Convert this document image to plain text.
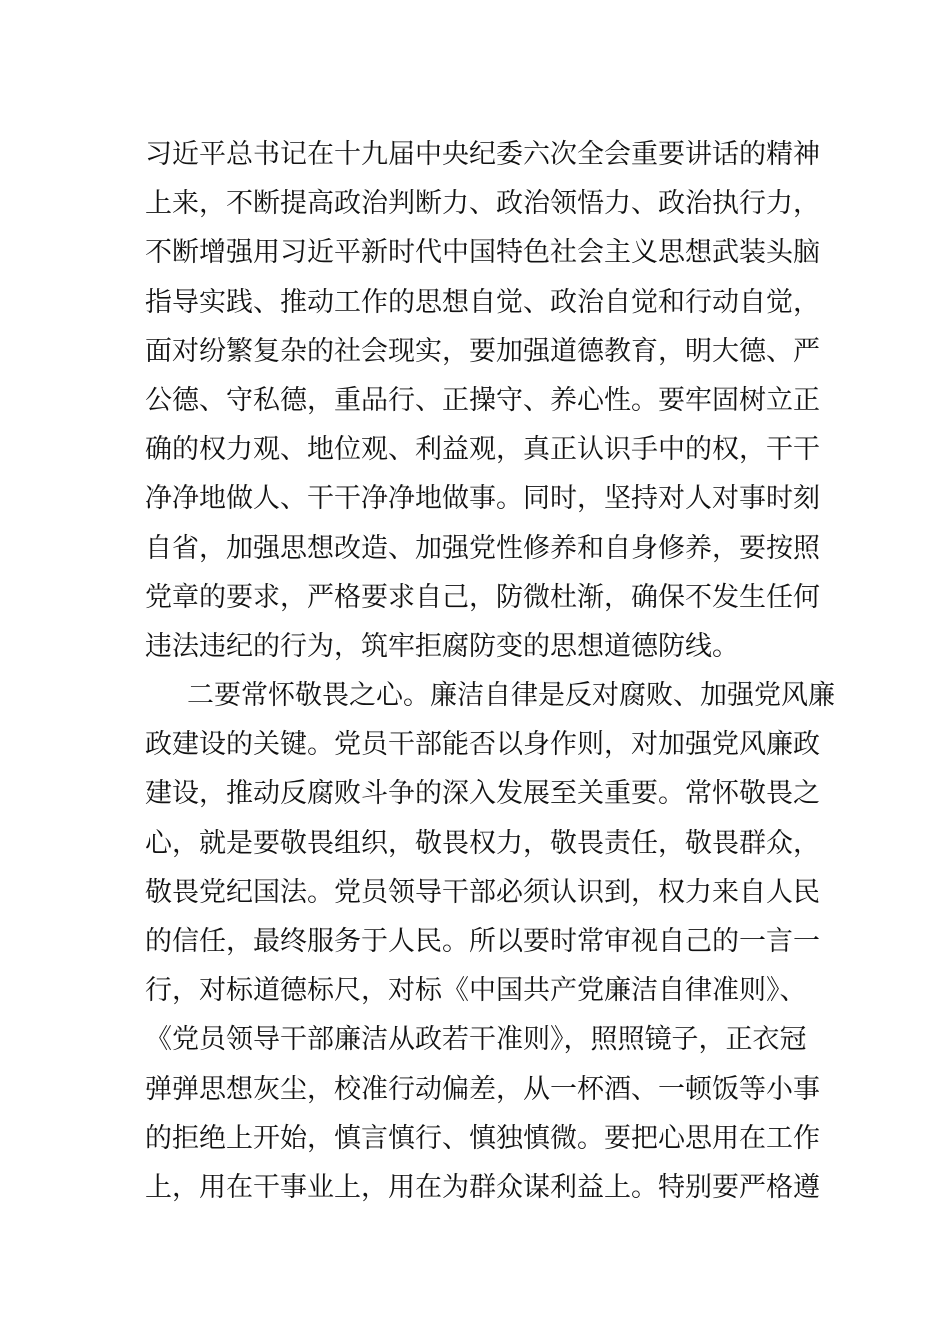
习近平总书记在十九届中央纪委六次全会重要讲话的精神
上来，不断提高政治判断力、政治领悟力、政治执行力，
不断增强用习近平新时代中国特色社会主义思想武装头脑
指导实践、推动工作的思想自觉、政治自觉和行动自觉，
面对纷繁复杂的社会现实，要加强道德教育，明大德、严
公德、守私德，重品行、正操守、养心性。要牢固树立正
确的权力观、地位观、利益观，真正认识手中的权，干干
净净地做人、干干净净地做事。同时，坚持对人对事时刻
自省，加强思想改造、加强党性修养和自身修养，要按照
党章的要求，严格要求自己，防微杜渐，确保不发生任何
违法违纪的行为，筑牢拒腐防变的思想道德防线。
二要常怀敬畏之心。廉洁自律是反对腐败、加强党风廉
政建设的关键。党员干部能否以身作则，对加强党风廉政
建设，推动反腐败斗争的深入发展至关重要。常怀敬畏之
心，就是要敬畏组织，敬畏权力，敬畏责任，敬畏群众，
敬畏党纪国法。党员领导干部必须认识到，权力来自人民
的信任，最终服务于人民。所以要时常审视自己的一言一
行，对标道德标尺，对标《中国共产党廉洁自律准则》、
《党员领导干部廉洁从政若干准则》，照照镜子，正衣冠
弹弹思想灰尘，校准行动偏差，从一杯酒、一顿饭等小事
的拒绝上开始，慎言慎行、慎独慎微。要把心思用在工作
上，用在干事业上，用在为群众谋利益上。特别要严格遵
